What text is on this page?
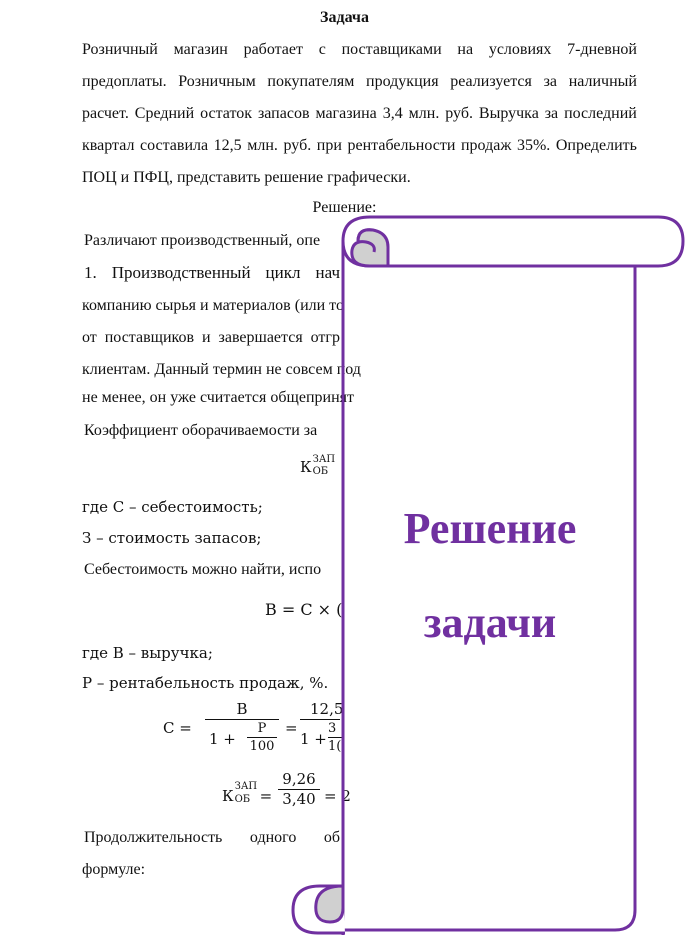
Задача
Розничный магазин работает с поставщиками на условиях 7-дневной
предоплаты. Розничным покупателям продукция реализуется за наличный
расчет. Средний остаток запасов магазина 3,4 млн. руб. Выручка за последний
квартал составила 12,5 млн. руб. при рентабельности продаж 35%. Определить
ПОЦ и ПФЦ, представить решение графически.
Решение:
Различают производственный, опе
1. Производственный цикл нач
компанию сырья и материалов (или то
от поставщиков и завершается отгр
клиентам. Данный термин не совсем под
не менее, он уже считается общепринят
Коэффициент оборачиваемости за
К ЗАП
ОБ
где С – себестоимость;
З – стоимость запасов;
Себестоимость можно найти, испо
В = С × (
где В – выручка;
Р – рентабельность продаж, %.
С =
В
1 +
Р
100
= $\frac{12,5}{1 + \frac{3}{1(}}$
К
ЗАП
ОБ = $\frac{9,26}{3,40} = 2$
Продолжительность одного об
формуле:
Решение
задачи
